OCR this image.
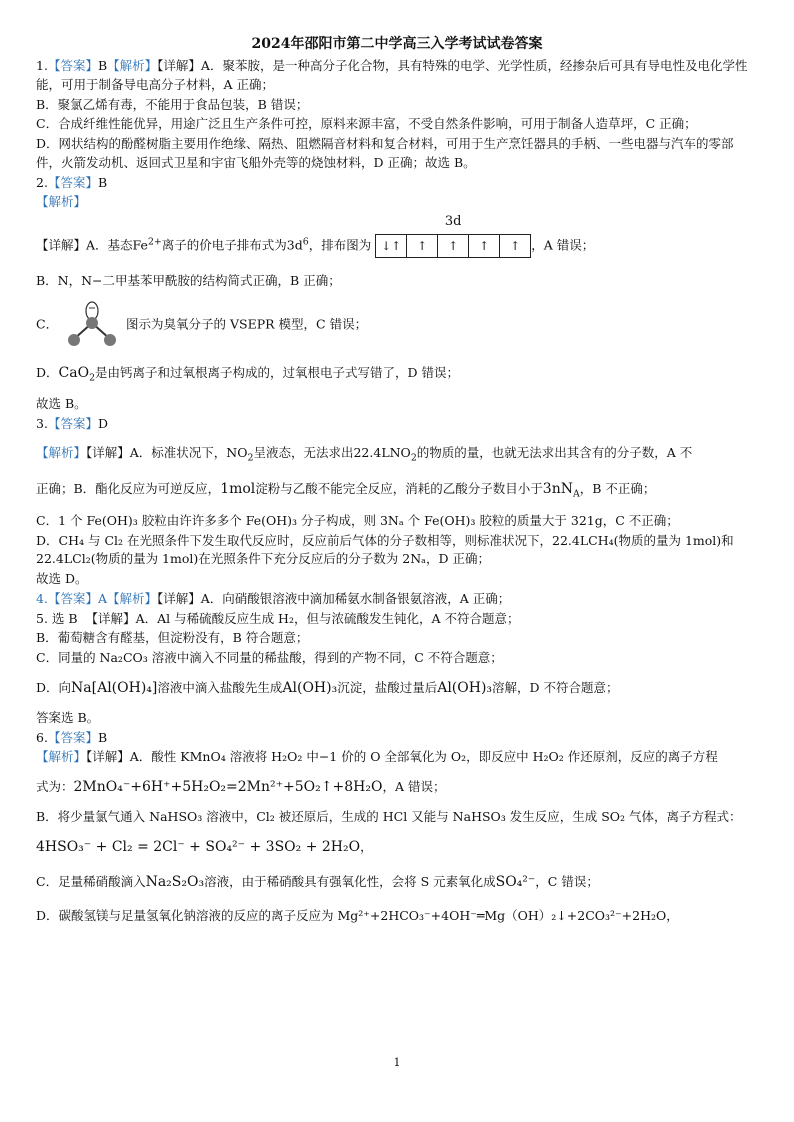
2024年邵阳市第二中学高三入学考试试卷答案

1.【答案】B【解析】【详解】A．聚苯胺，是一种高分子化合物，具有特殊的电学、光学性质，经掺杂后可具有导电性及电化学性能，可用于制备导电高分子材料，A 正确；

B．聚氯乙烯有毒，不能用于食品包装，B 错误；

C．合成纤维性能优异，用途广泛且生产条件可控，原料来源丰富，不受自然条件影响，可用于制备人造草坪，C 正确；

D．网状结构的酚醛树脂主要用作绝缘、隔热、阻燃隔音材料和复合材料，可用于生产烹饪器具的手柄、一些电器与汽车的零部件，火箭发动机、返回式卫星和宇宙飞船外壳等的烧蚀材料，D 正确；故选 B。

2.【答案】B

【解析】

【详解】A．基态$Fe^{2+}$离子的价电子排布式为$3d^6$，排布图为
3d
↓↑	↑	↑	↑	↑ ，A 错误；

B．N，N−二甲基苯甲酰胺的结构简式正确，B 正确；

C．	图示为臭氧分子的 VSEPR 模型，C 错误；

D．CaO$_2$是由钙离子和过氧根离子构成的，过氧根电子式写错了，D 错误；

故选 B。

3.【答案】D

【解析】【详解】A．标准状况下，$NO_2$呈液态，无法求出$22.4LNO_2$的物质的量，也就无法求出其含有的分子数，A 不

正确；B．酯化反应为可逆反应，1mol淀粉与乙酸不能完全反应，消耗的乙酸分子数目小于$3nN_A$，B 不正确；

C．1 个 Fe(OH)₃ 胶粒由许许多多个 Fe(OH)₃ 分子构成，则 3Nₐ 个 Fe(OH)₃ 胶粒的质量大于 321g，C 不正确；

D．CH₄ 与 Cl₂ 在光照条件下发生取代反应时，反应前后气体的分子数相等，则标准状况下，22.4LCH₄(物质的量为 1mol)和 22.4LCl₂(物质的量为 1mol)在光照条件下充分反应后的分子数为 2Nₐ，D 正确；

故选 D。

4.【答案】A【解析】【详解】A．向硝酸银溶液中滴加稀氨水制备银氨溶液，A 正确；

5. 选 B 【详解】A．Al 与稀硫酸反应生成 H₂，但与浓硫酸发生钝化，A 不符合题意；

B．葡萄糖含有醛基，但淀粉没有，B 符合题意；

C．同量的 Na₂CO₃ 溶液中滴入不同量的稀盐酸，得到的产物不同，C 不符合题意；

D．向Na[Al(OH)₄]溶液中滴入盐酸先生成Al(OH)₃沉淀，盐酸过量后Al(OH)₃溶解，D 不符合题意；

答案选 B。

6.【答案】B

【解析】【详解】A．酸性 KMnO₄ 溶液将 H₂O₂ 中−1 价的 O 全部氧化为 O₂，即反应中 H₂O₂ 作还原剂，反应的离子方程

式为：2MnO₄⁻+6H⁺+5H₂O₂=2Mn²⁺+5O₂↑+8H₂O，A 错误；

B．将少量氯气通入 NaHSO₃ 溶液中，Cl₂ 被还原后，生成的 HCl 又能与 NaHSO₃ 发生反应，生成 SO₂ 气体，离子方程式：

4HSO₃⁻ + Cl₂ = 2Cl⁻ + SO₄²⁻ + 3SO₂ + 2H₂O，

C．足量稀硝酸滴入Na₂S₂O₃溶液，由于稀硝酸具有强氧化性，会将 S 元素氧化成SO₄²⁻，C 错误；

D．碳酸氢镁与足量氢氧化钠溶液的反应的离子反应为 Mg²⁺+2HCO₃⁻+4OH⁻═Mg（OH）₂↓+2CO₃²⁻+2H₂O，

1
